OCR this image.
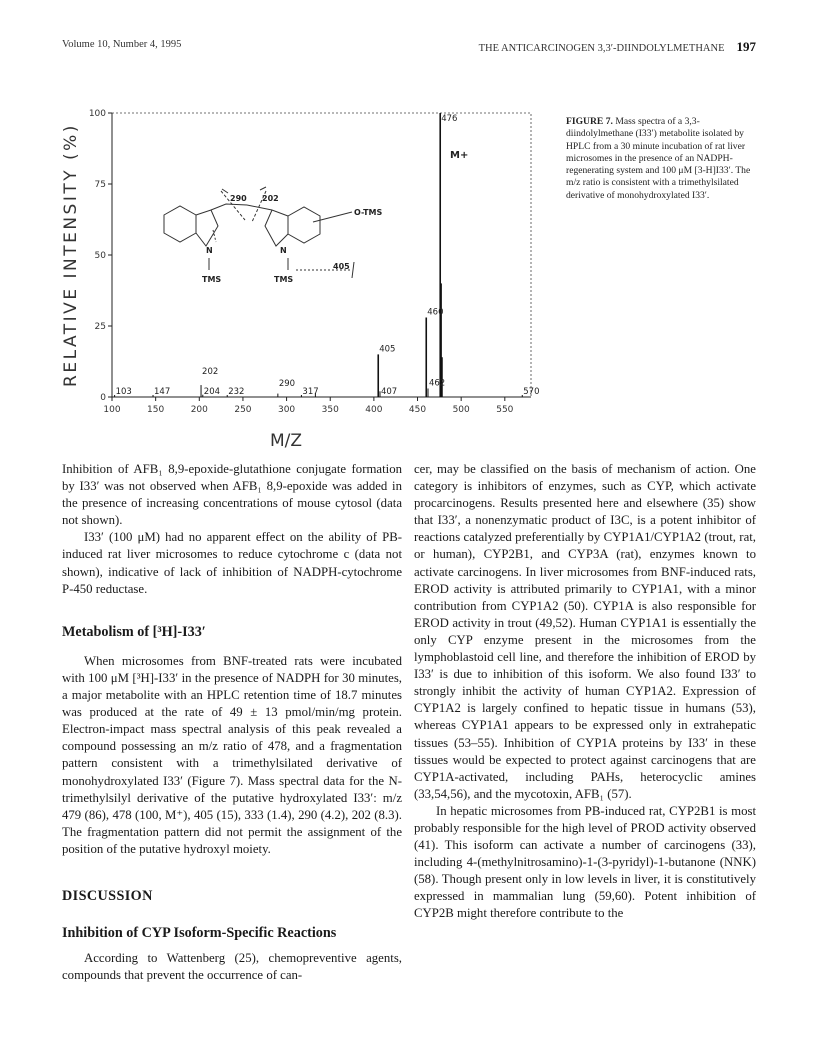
Volume 10, Number 4, 1995	THE ANTICARCINOGEN 3,3′-DIINDOLYLMETHANE 197
100	150	200	250	300	350	400	450	500	550
0
25
50
75
100
103	147
202
204 232
290
317
405
407
460
462
476
570
RELATIVE INTENSITY (%)
M/Z
M+
290 202
O-TMS
TMS	TMS
405
N	N
FIGURE 7. Mass spectra of a 3,3-diindolylmethane (I33′) metabolite isolated by HPLC from a 30 minute incubation of rat liver microsomes in the presence of an NADPH-regenerating system and 100 μM [3-H]I33′. The m/z ratio is consistent with a trimethylsilated derivative of monohydroxylated I33′.

Inhibition of AFB₁ 8,9-epoxide-glutathione conjugate formation by I33′ was not observed when AFB₁ 8,9-epoxide was added in the presence of increasing concentrations of mouse cytosol (data not shown).

I33′ (100 μM) had no apparent effect on the ability of PB-induced rat liver microsomes to reduce cytochrome c (data not shown), indicative of lack of inhibition of NADPH-cytochrome P-450 reductase.

Metabolism of [³H]-I33′

When microsomes from BNF-treated rats were incubated with 100 μM [³H]-I33′ in the presence of NADPH for 30 minutes, a major metabolite with an HPLC retention time of 18.7 minutes was produced at the rate of 49 ± 13 pmol/min/mg protein. Electron-impact mass spectral analysis of this peak revealed a compound possessing an m/z ratio of 478, and a fragmentation pattern consistent with a trimethylsilated derivative of monohydroxylated I33′ (Figure 7). Mass spectral data for the N-trimethylsilyl derivative of the putative hydroxylated I33′: m/z 479 (86), 478 (100, M⁺), 405 (15), 333 (1.4), 290 (4.2), 202 (8.3). The fragmentation pattern did not permit the assignment of the position of the putative hydroxyl moiety.

DISCUSSION
Inhibition of CYP Isoform-Specific Reactions

According to Wattenberg (25), chemopreventive agents, compounds that prevent the occurrence of can-

cer, may be classified on the basis of mechanism of action. One category is inhibitors of enzymes, such as CYP, which activate procarcinogens. Results presented here and elsewhere (35) show that I33′, a nonenzymatic product of I3C, is a potent inhibitor of reactions catalyzed preferentially by CYP1A1/CYP1A2 (trout, rat, or human), CYP2B1, and CYP3A (rat), enzymes known to activate carcinogens. In liver microsomes from BNF-induced rats, EROD activity is attributed primarily to CYP1A1, with a minor contribution from CYP1A2 (50). CYP1A is also responsible for EROD activity in trout (49,52). Human CYP1A1 is essentially the only CYP enzyme present in the microsomes from the lymphoblastoid cell line, and therefore the inhibition of EROD by I33′ is due to inhibition of this isoform. We also found I33′ to strongly inhibit the activity of human CYP1A2. Expression of CYP1A2 is largely confined to hepatic tissue in humans (53), whereas CYP1A1 appears to be expressed only in extrahepatic tissues (53–55). Inhibition of CYP1A proteins by I33′ in these tissues would be expected to protect against carcinogens that are CYP1A-activated, including PAHs, heterocyclic amines (33,54,56), and the mycotoxin, AFB₁ (57).

In hepatic microsomes from PB-induced rat, CYP2B1 is most probably responsible for the high level of PROD activity observed (41). This isoform can activate a number of carcinogens (33), including 4-(methylnitrosamino)-1-(3-pyridyl)-1-butanone (NNK) (58). Though present only in low levels in liver, it is constitutively expressed in mammalian lung (59,60). Potent inhibition of CYP2B might therefore contribute to the
